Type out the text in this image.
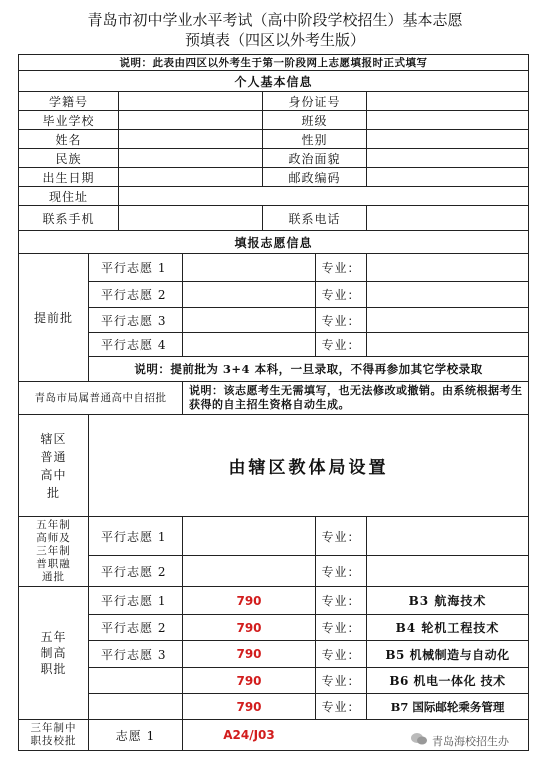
青岛市初中学业水平考试（高中阶段学校招生）基本志愿
预填表（四区以外考生版）
说明：此表由四区以外考生于第一阶段网上志愿填报时正式填写
个人基本信息
学籍号	身份证号
毕业学校	班级
姓名	性别
民族	政治面貌
出生日期	邮政编码
现住址
联系手机	联系电话
填报志愿信息
提前批
平行志愿 1	专业：
平行志愿 2	专业：
平行志愿 3	专业：
平行志愿 4	专业：
说明：提前批为 3+4 本科，一旦录取，不得再参加其它学校录取
青岛市局属普通高中自招批
说明：该志愿考生无需填写，也无法修改或撤销。由系统根据考生获得的自主招生资格自动生成。
辖区普通高中批
由辖区教体局设置
五年制高师及三年制普职融通批
平行志愿 1	专业：
平行志愿 2	专业：
五年制高职批
平行志愿 1	790	专业：	B3 航海技术
平行志愿 2	790	专业：	B4 轮机工程技术
平行志愿 3	790	专业：	B5 机械制造与自动化
790	专业：	B6 机电一体化 技术
790	专业：	B7 国际邮轮乘务管理
三年制中职技校批	志愿 1	A24/J03	青岛海校招生办
